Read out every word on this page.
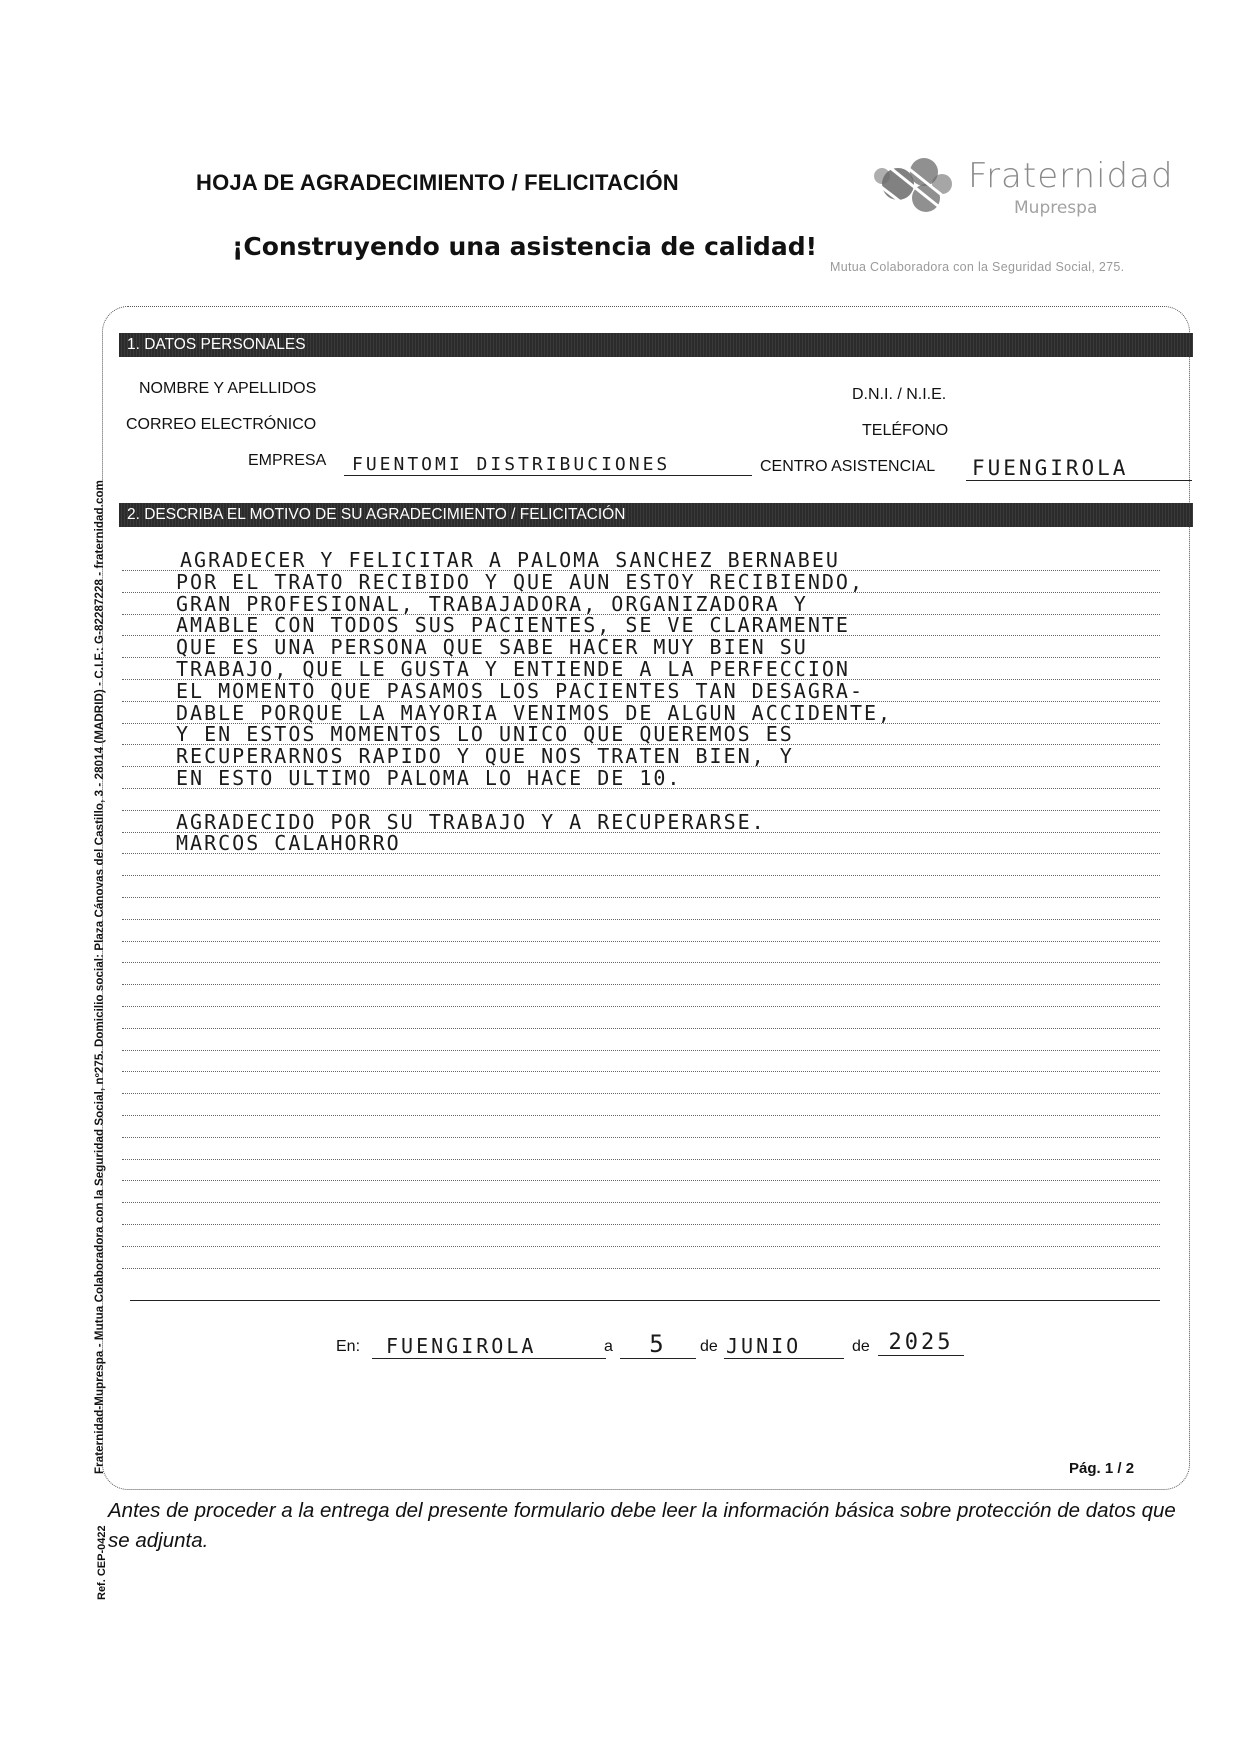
HOJA DE AGRADECIMIENTO / FELICITACIÓN
¡Construyendo una asistencia de calidad!
Fraternidad
Muprespa
Mutua Colaboradora con la Seguridad Social, 275.
Fraternidad-Muprespa - Mutua Colaboradora con la Seguridad Social, nº275. Domicilio social: Plaza Cánovas del Castillo, 3 - 28014 (MADRID) - C.I.F.: G-82287228 - fraternidad.com
Ref. CEP-0422
1. DATOS PERSONALES
NOMBRE Y APELLIDOS	D.N.I. / N.I.E.
CORREO ELECTRÓNICO	TELÉFONO
EMPRESA	FUENTOMI DISTRIBUCIONES	CENTRO ASISTENCIAL FUENGIROLA
2. DESCRIBA EL MOTIVO DE SU AGRADECIMIENTO / FELICITACIÓN
AGRADECER Y FELICITAR A PALOMA SANCHEZ BERNABEU
POR EL TRATO RECIBIDO Y QUE AUN ESTOY RECIBIENDO,
GRAN PROFESIONAL, TRABAJADORA, ORGANIZADORA Y
AMABLE CON TODOS SUS PACIENTES, SE VE CLARAMENTE
QUE ES UNA PERSONA QUE SABE HACER MUY BIEN SU
TRABAJO, QUE LE GUSTA Y ENTIENDE A LA PERFECCION
EL MOMENTO QUE PASAMOS LOS PACIENTES TAN DESAGRA-
DABLE PORQUE LA MAYORIA VENIMOS DE ALGUN ACCIDENTE,
Y EN ESTOS MOMENTOS LO UNICO QUE QUEREMOS ES
RECUPERARNOS RAPIDO Y QUE NOS TRATEN BIEN, Y
EN ESTO ULTIMO PALOMA LO HACE DE 10.
AGRADECIDO POR SU TRABAJO Y A RECUPERARSE.
MARCOS CALAHORRO
En:	FUENGIROLA	a	5	de JUNIO	de 2025
Pág. 1 / 2
Antes de proceder a la entrega del presente formulario debe leer la información básica sobre protección de datos que se adjunta.
